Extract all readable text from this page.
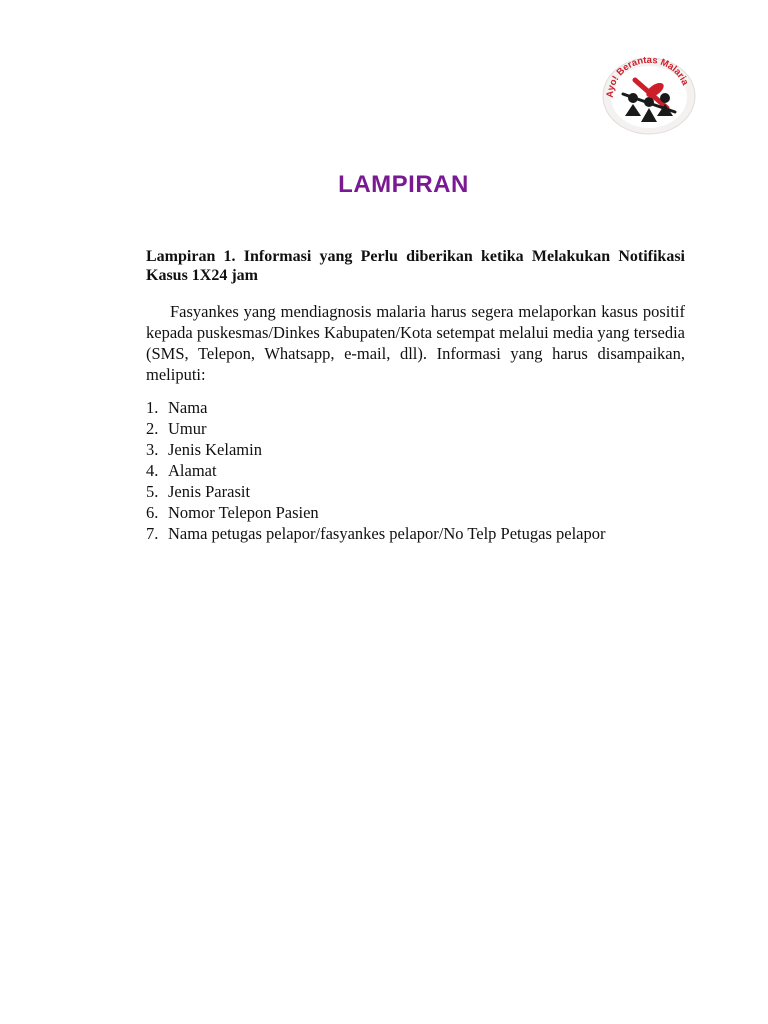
Ayo! Berantas Malaria
LAMPIRAN

Lampiran 1. Informasi yang Perlu diberikan ketika Melakukan Notifikasi Kasus 1X24 jam

Fasyankes yang mendiagnosis malaria harus segera melaporkan kasus positif kepada puskesmas/Dinkes Kabupaten/Kota setempat melalui media yang tersedia (SMS, Telepon, Whatsapp, e-mail, dll). Informasi yang harus disampaikan, meliputi:

1. Nama
2. Umur
3. Jenis Kelamin
4. Alamat
5. Jenis Parasit
6. Nomor Telepon Pasien
7. Nama petugas pelapor/fasyankes pelapor/No Telp Petugas pelapor
